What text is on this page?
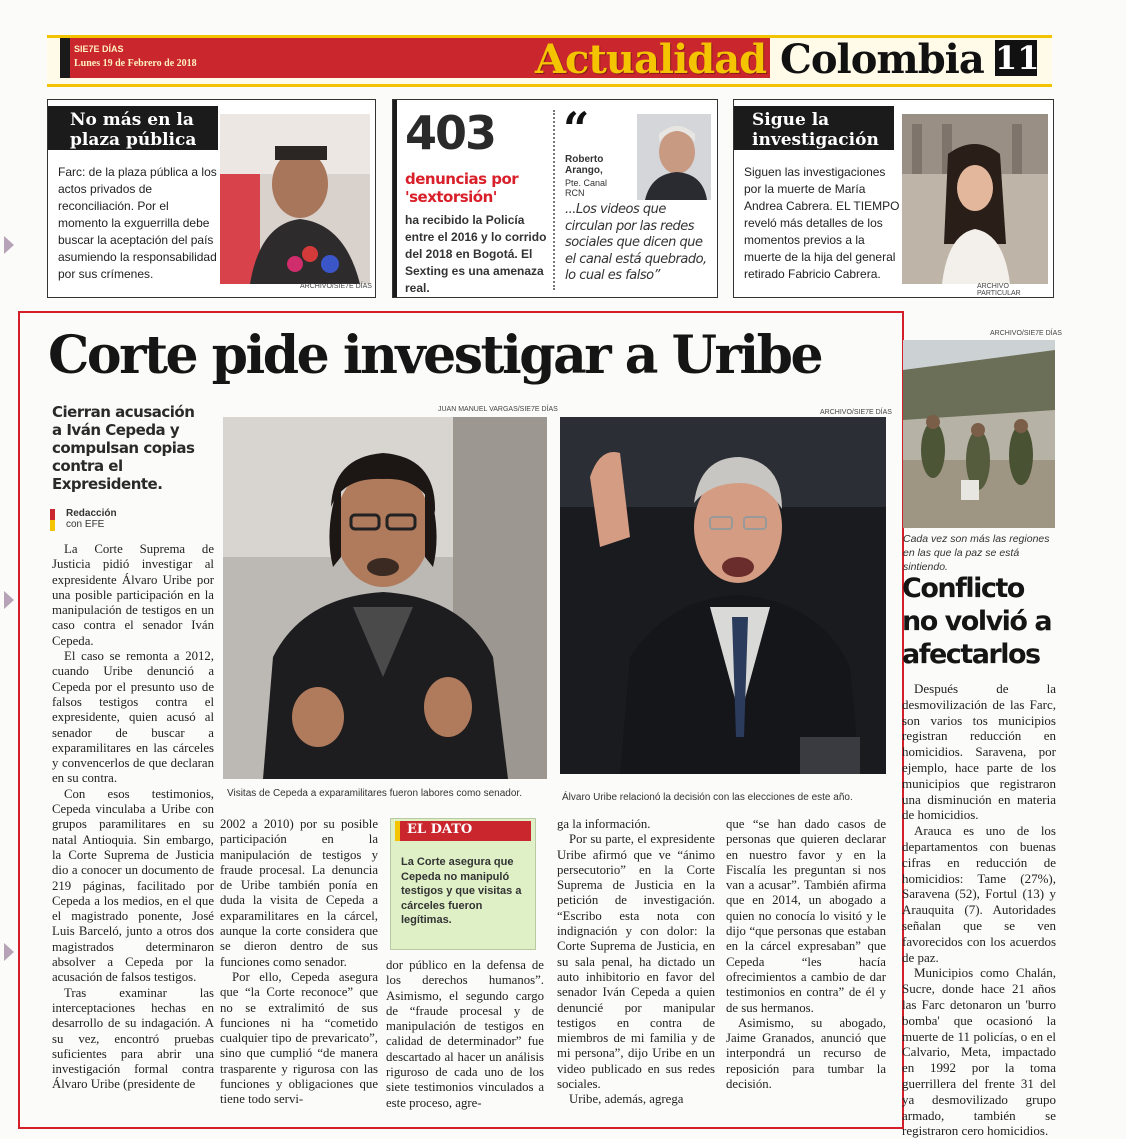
SIE7E DÍAS
Lunes 19 de Febrero de 2018	Actualidad Colombia 11
No más en la
plaza pública
Farc: de la plaza pública a los actos privados de reconciliación. Por el momento la exguerrilla debe buscar la aceptación del país asumiendo la responsabilidad por sus crímenes.
ARCHIVO/SIE7E DÍAS
403
denuncias por
'sextorsión'
ha recibido la Policía entre el 2016 y lo corrido del 2018 en Bogotá. El Sexting es una amenaza real.
“
Roberto Arango,
Pte. Canal
RCN
...Los videos que circulan por las redes sociales que dicen que el canal está quebrado, lo cual es falso”
Sigue la
investigación
Siguen las investigaciones por la muerte de María Andrea Cabrera. EL TIEMPO reveló más detalles de los momentos previos a la muerte de la hija del general retirado Fabricio Cabrera.
ARCHIVO PARTICULAR
Corte pide investigar a Uribe
Cierran acusación a Iván Cepeda y compulsan copias contra el Expresidente.
Redacción
con EFE
JUAN MANUEL VARGAS/SIE7E DÍAS	ARCHIVO/SIE7E DÍAS
Visitas de Cepeda a exparamilitares fueron labores como senador.	Álvaro Uribe relacionó la decisión con las elecciones de este año.

La Corte Suprema de Justicia pidió investigar al expresidente Álvaro Uribe por una posible participación en la manipulación de testigos en un caso contra el senador Iván Cepeda.

El caso se remonta a 2012, cuando Uribe denunció a Cepeda por el presunto uso de falsos testigos contra el expresidente, quien acusó al senador de buscar a exparamilitares en las cárceles y convencerlos de que declaran en su contra.

Con esos testimonios, Cepeda vinculaba a Uribe con grupos paramilitares en su natal Antioquia. Sin embargo, la Corte Suprema de Justicia dio a conocer un documento de 219 páginas, facilitado por Cepeda a los medios, en el que el magistrado ponente, José Luis Barceló, junto a otros dos magistrados determinaron absolver a Cepeda por la acusación de falsos testigos.

Tras examinar las interceptaciones hechas en desarrollo de su indagación. A su vez, encontró pruebas suficientes para abrir una investigación formal contra Álvaro Uribe (presidente de

2002 a 2010) por su posible participación en la manipulación de testigos y fraude procesal. La denuncia de Uribe también ponía en duda la visita de Cepeda a exparamilitares en la cárcel, aunque la corte considera que se dieron dentro de sus funciones como senador.

Por ello, Cepeda asegura que “la Corte reconoce” que no se extralimitó de sus funciones ni ha “cometido cualquier tipo de prevaricato”, sino que cumplió “de manera trasparente y rigurosa con las funciones y obligaciones que tiene todo servi-

EL DATO
La Corte asegura que Cepeda no manipuló testigos y que visitas a cárceles fueron legítimas.

dor público en la defensa de los derechos humanos”. Asimismo, el segundo cargo de “fraude procesal y de manipulación de testigos en calidad de determinador” fue descartado al hacer un análisis riguroso de cada uno de los siete testimonios vinculados a este proceso, agre-

ga la información.

Por su parte, el expresidente Uribe afirmó que ve “ánimo persecutorio” en la Corte Suprema de Justicia en la petición de investigación. “Escribo esta nota con indignación y con dolor: la Corte Suprema de Justicia, en su sala penal, ha dictado un auto inhibitorio en favor del senador Iván Cepeda a quien denuncié por manipular testigos en contra de miembros de mi familia y de mi persona”, dijo Uribe en un video publicado en sus redes sociales.

Uribe, además, agrega

que “se han dado casos de personas que quieren declarar en nuestro favor y en la Fiscalía les preguntan si nos van a acusar”. También afirma que en 2014, un abogado a quien no conocía lo visitó y le dijo “que personas que estaban en la cárcel expresaban” que Cepeda “les hacía ofrecimientos a cambio de dar testimonios en contra” de él y de sus hermanos.

Asimismo, su abogado, Jaime Granados, anunció que interpondrá un recurso de reposición para tumbar la decisión.

ARCHIVO/SIE7E DÍAS
Cada vez son más las regiones en las que la paz se está sintiendo.
Conflicto
no volvió a
afectarlos

Después de la desmovilización de las Farc, son varios tos municipios registran reducción en homicidios. Saravena, por ejemplo, hace parte de los municipios que registraron una disminución en materia de homicidios.

Arauca es uno de los departamentos con buenas cifras en reducción de homicidios: Tame (27%), Saravena (52), Fortul (13) y Arauquita (7). Autoridades señalan que se ven favorecidos con los acuerdos de paz.

Municipios como Chalán, Sucre, donde hace 21 años las Farc detonaron un 'burro bomba' que ocasionó la muerte de 11 policías, o en el Calvario, Meta, impactado en 1992 por la toma guerrillera del frente 31 del ya desmovilizado grupo armado, también se registraron cero homicidios.
